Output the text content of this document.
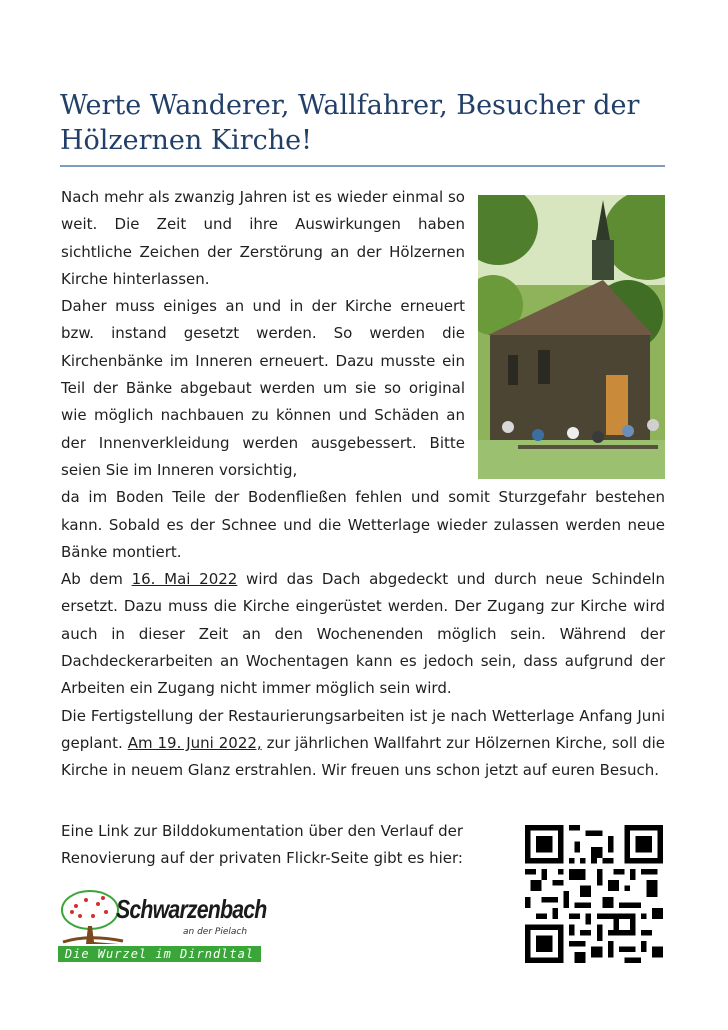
Werte Wanderer, Wallfahrer, Besucher der Hölzernen Kirche!

Nach mehr als zwanzig Jahren ist es wieder einmal so weit. Die Zeit und ihre Auswirkungen haben sichtliche Zeichen der Zerstörung an der Hölzernen Kirche hinterlassen.

Daher muss einiges an und in der Kirche erneuert bzw. instand gesetzt werden. So werden die Kirchenbänke im Inneren erneuert. Dazu musste ein Teil der Bänke abgebaut werden um sie so original wie möglich nachbauen zu können und Schäden an der Innenverkleidung werden ausgebessert. Bitte seien Sie im Inneren vorsichtig,

da im Boden Teile der Bodenfließen fehlen und somit Sturzgefahr bestehen kann. Sobald es der Schnee und die Wetterlage wieder zulassen werden neue Bänke montiert.

Ab dem 16. Mai 2022 wird das Dach abgedeckt und durch neue Schindeln ersetzt. Dazu muss die Kirche eingerüstet werden. Der Zugang zur Kirche wird auch in dieser Zeit an den Wochenenden möglich sein. Während der Dachdeckerarbeiten an Wochentagen kann es jedoch sein, dass aufgrund der Arbeiten ein Zugang nicht immer möglich sein wird.

Die Fertigstellung der Restaurierungsarbeiten ist je nach Wetterlage Anfang Juni geplant. Am 19. Juni 2022, zur jährlichen Wallfahrt zur Hölzernen Kirche, soll die Kirche in neuem Glanz erstrahlen. Wir freuen uns schon jetzt auf euren Besuch.

Eine Link zur Bilddokumentation über den Verlauf der Renovierung auf der privaten Flickr-Seite gibt es hier:

Schwarzenbach
an der Pielach
Die Wurzel im Dirndltal
